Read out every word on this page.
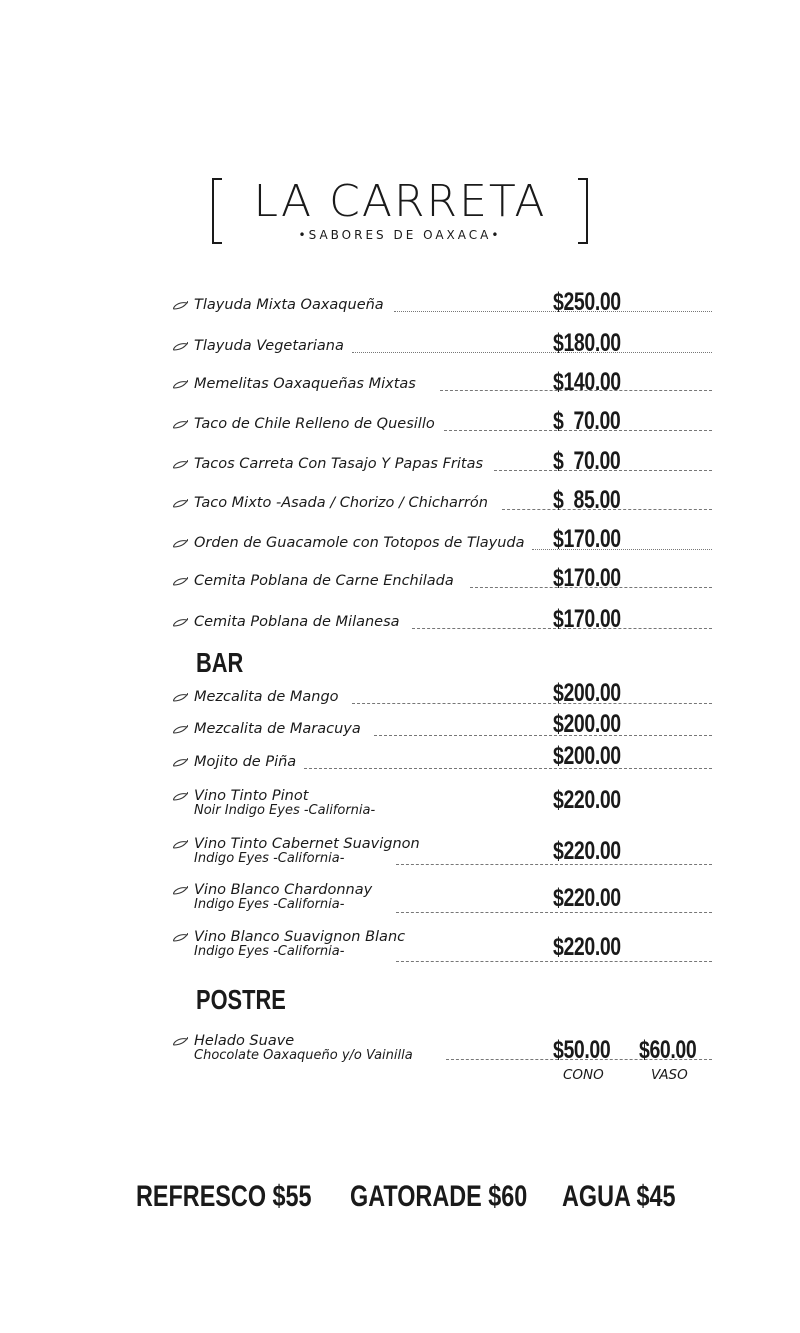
LA CARRETA
•SABORES DE OAXACA•
Tlayuda Mixta Oaxaqueña	$250.00
Tlayuda Vegetariana	$180.00
Memelitas Oaxaqueñas Mixtas	$140.00
Taco de Chile Relleno de Quesillo	$  70.00
Tacos Carreta Con Tasajo Y Papas Fritas	$  70.00
Taco Mixto -Asada / Chorizo / Chicharrón	$  85.00
Orden de Guacamole con Totopos de Tlayuda $170.00
Cemita Poblana de Carne Enchilada	$170.00
Cemita Poblana de Milanesa	$170.00
BAR
Mezcalita de Mango	$200.00
Mezcalita de Maracuya	$200.00
Mojito de Piña	$200.00
Vino Tinto Pinot
Noir Indigo Eyes -California-	$220.00
Vino Tinto Cabernet Suavignon
Indigo Eyes -California-	$220.00
Vino Blanco Chardonnay
Indigo Eyes -California-	$220.00
Vino Blanco Suavignon Blanc
Indigo Eyes -California-	$220.00
POSTRE
Helado Suave
Chocolate Oaxaqueño y/o Vainilla	$50.00 $60.00
CONO	VASO
REFRESCO $55 GATORADE $60 AGUA $45
